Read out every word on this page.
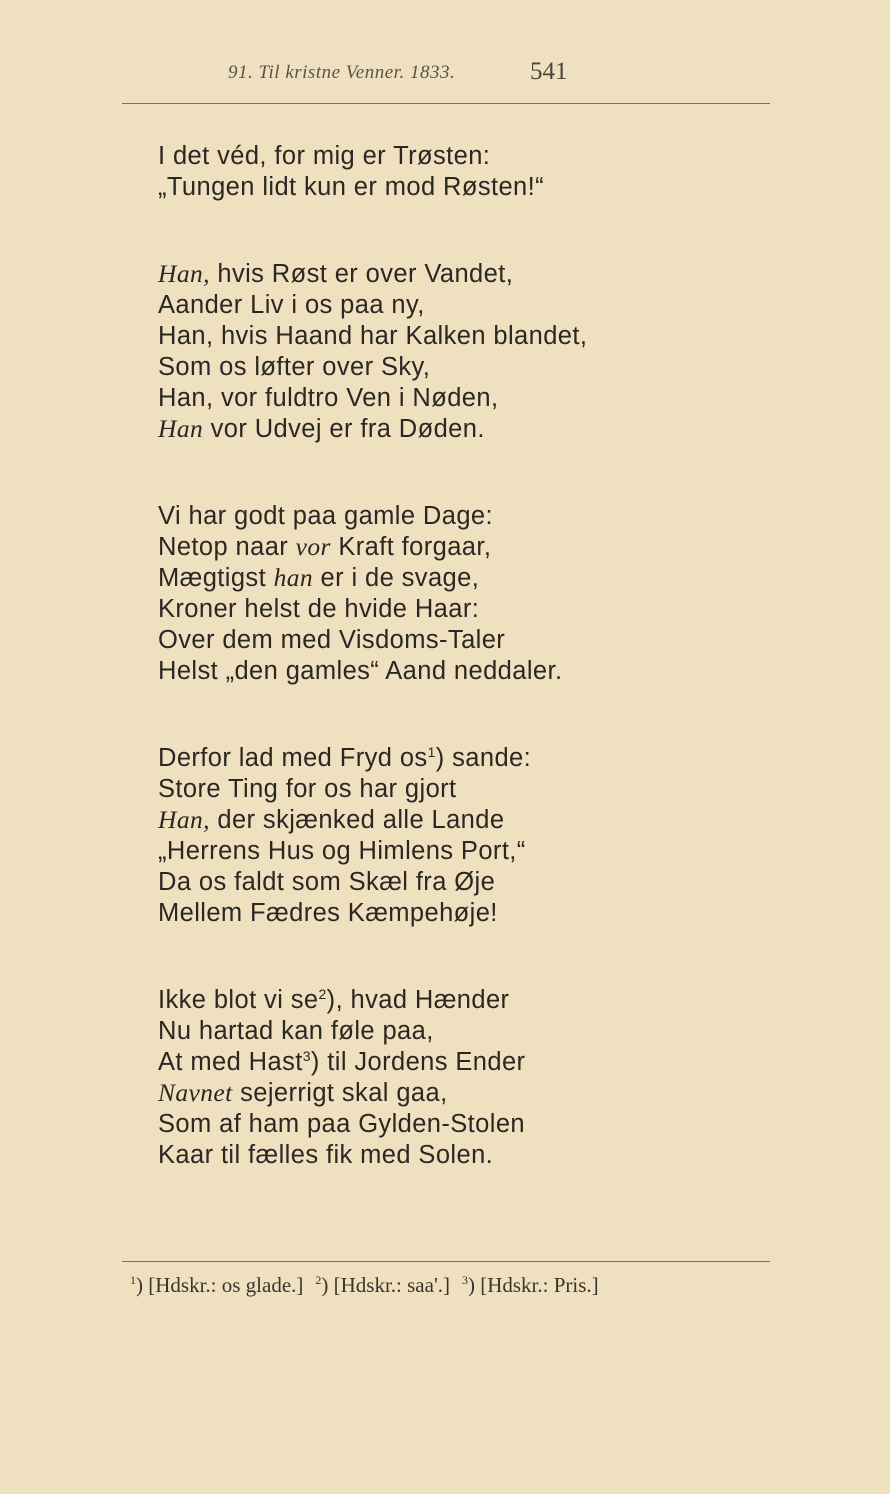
91. Til kristne Venner. 1833.	541
I det véd, for mig er Trøsten:
„Tungen lidt kun er mod Røsten!“
Han, hvis Røst er over Vandet,
Aander Liv i os paa ny,
Han, hvis Haand har Kalken blandet,
Som os løfter over Sky,
Han, vor fuldtro Ven i Nøden,
Han vor Udvej er fra Døden.
Vi har godt paa gamle Dage:
Netop naar vor Kraft forgaar,
Mægtigst han er i de svage,
Kroner helst de hvide Haar:
Over dem med Visdoms-Taler
Helst „den gamles“ Aand neddaler.
Derfor lad med Fryd $os^1$) sande:
Store Ting for os har gjort
Han, der skjænked alle Lande
„Herrens Hus og Himlens Port,“
Da os faldt som Skæl fra Øje
Mellem Fædres Kæmpehøje!
Ikke blot vi $se^2$), hvad Hænder
Nu hartad kan føle paa,
At med Hast$^3$) til Jordens Ender
Navnet sejerrigt skal gaa,
Som af ham paa Gylden-Stolen
Kaar til fælles fik med Solen.
$^1$) [Hdskr.: os glade.] $^2$) [Hdskr.: saa'.] $^3$) [Hdskr.: Pris.]
